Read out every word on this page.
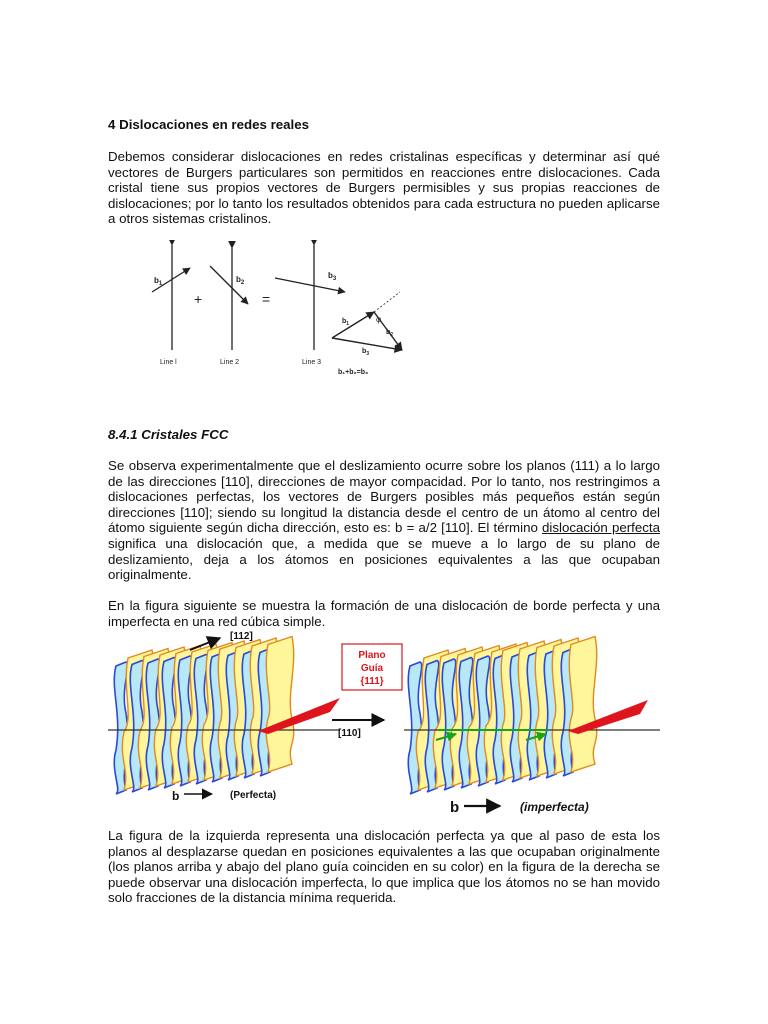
4 Dislocaciones en redes reales

Debemos considerar dislocaciones en redes cristalinas específicas y determinar así qué vectores de Burgers particulares son permitidos en reacciones entre dislocaciones. Cada cristal tiene sus propios vectores de Burgers permisibles y sus propias reacciones de dislocaciones; por lo tanto los resultados obtenidos para cada estructura no pueden aplicarse a otros sistemas cristalinos.

8.4.1 Cristales FCC

Se observa experimentalmente que el deslizamiento ocurre sobre los planos (111) a lo largo de las direcciones [110], direcciones de mayor compacidad. Por lo tanto, nos restringimos a dislocaciones perfectas, los vectores de Burgers posibles más pequeños están según direcciones [110]; siendo su longitud la distancia desde el centro de un átomo al centro del átomo siguiente según dicha dirección, esto es: b = a/2 [110]. El término dislocación perfecta significa una dislocación que, a medida que se mueve a lo largo de su plano de deslizamiento, deja a los átomos en posiciones equivalentes a las que ocupaban originalmente.

En la figura siguiente se muestra la formación de una dislocación de borde perfecta y una imperfecta en una red cúbica simple.

La figura de la izquierda representa una dislocación perfecta ya que al paso de esta los planos al desplazarse quedan en posiciones equivalentes a las que ocupaban originalmente (los planos arriba y abajo del plano guía coinciden en su color) en la figura de la derecha se puede observar una dislocación imperfecta, lo que implica que los átomos no se han movido solo fracciones de la distancia mínima requerida.

$b_1$
Line l
+
$b_2$
Line 2
=
$b_3$
Line 3
$b_1$
$b_2$
$b_3$
φ
b₁+b₂=b₃
[112]
Plano
Guía
{111}
[110]
b	(Perfecta)
b	(imperfecta)
